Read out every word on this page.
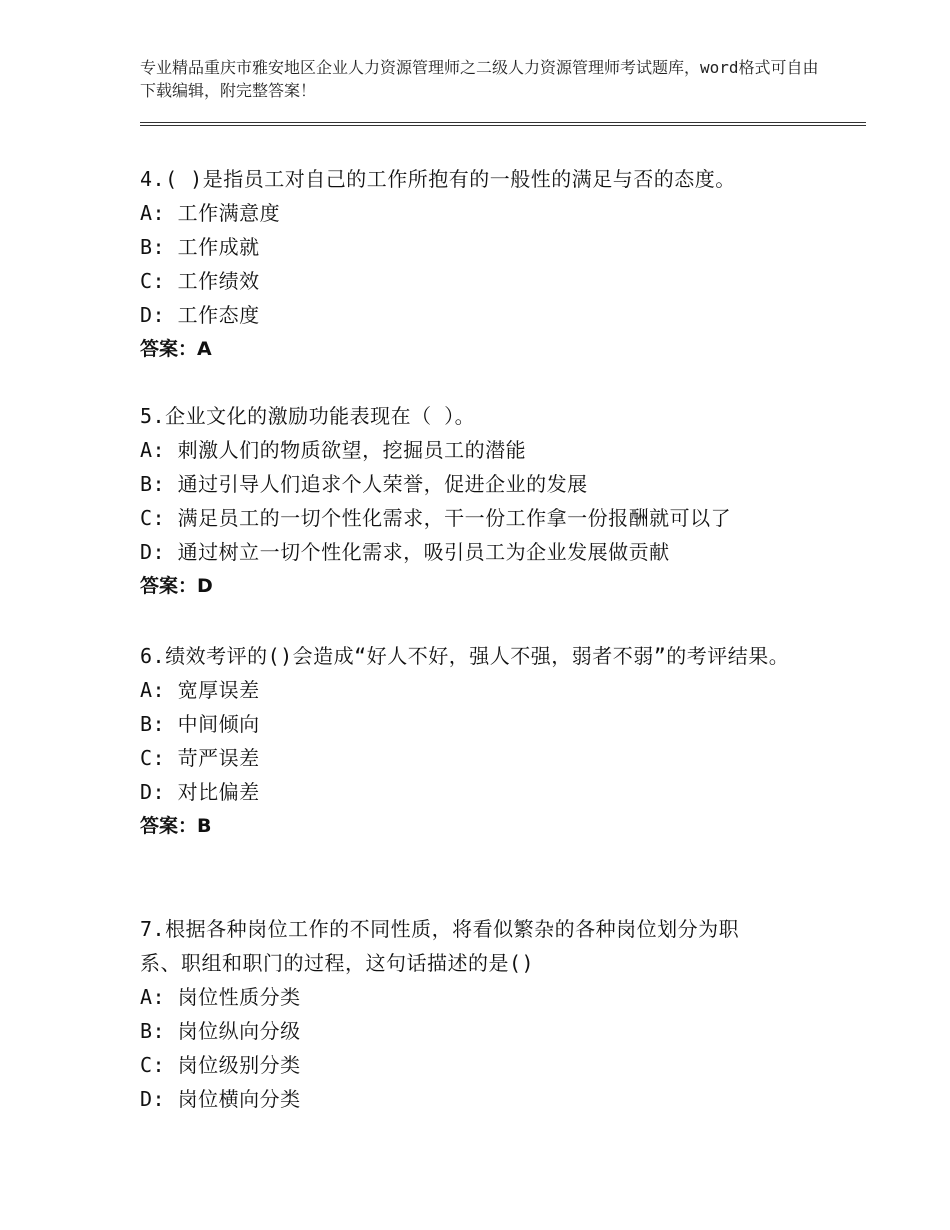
专业精品重庆市雅安地区企业人力资源管理师之二级人力资源管理师考试题库，word格式可自由下载编辑，附完整答案！
4.( )是指员工对自己的工作所抱有的一般性的满足与否的态度。
A: 工作满意度
B: 工作成就
C: 工作绩效
D: 工作态度
答案：A
5.企业文化的激励功能表现在（ ）。
A: 刺激人们的物质欲望，挖掘员工的潜能
B: 通过引导人们追求个人荣誉，促进企业的发展
C: 满足员工的一切个性化需求，干一份工作拿一份报酬就可以了
D: 通过树立一切个性化需求，吸引员工为企业发展做贡献
答案：D
6.绩效考评的()会造成“好人不好，强人不强，弱者不弱”的考评结果。
A: 宽厚误差
B: 中间倾向
C: 苛严误差
D: 对比偏差
答案：B
7.根据各种岗位工作的不同性质，将看似繁杂的各种岗位划分为职系、职组和职门的过程，这句话描述的是()
A: 岗位性质分类
B: 岗位纵向分级
C: 岗位级别分类
D: 岗位横向分类
